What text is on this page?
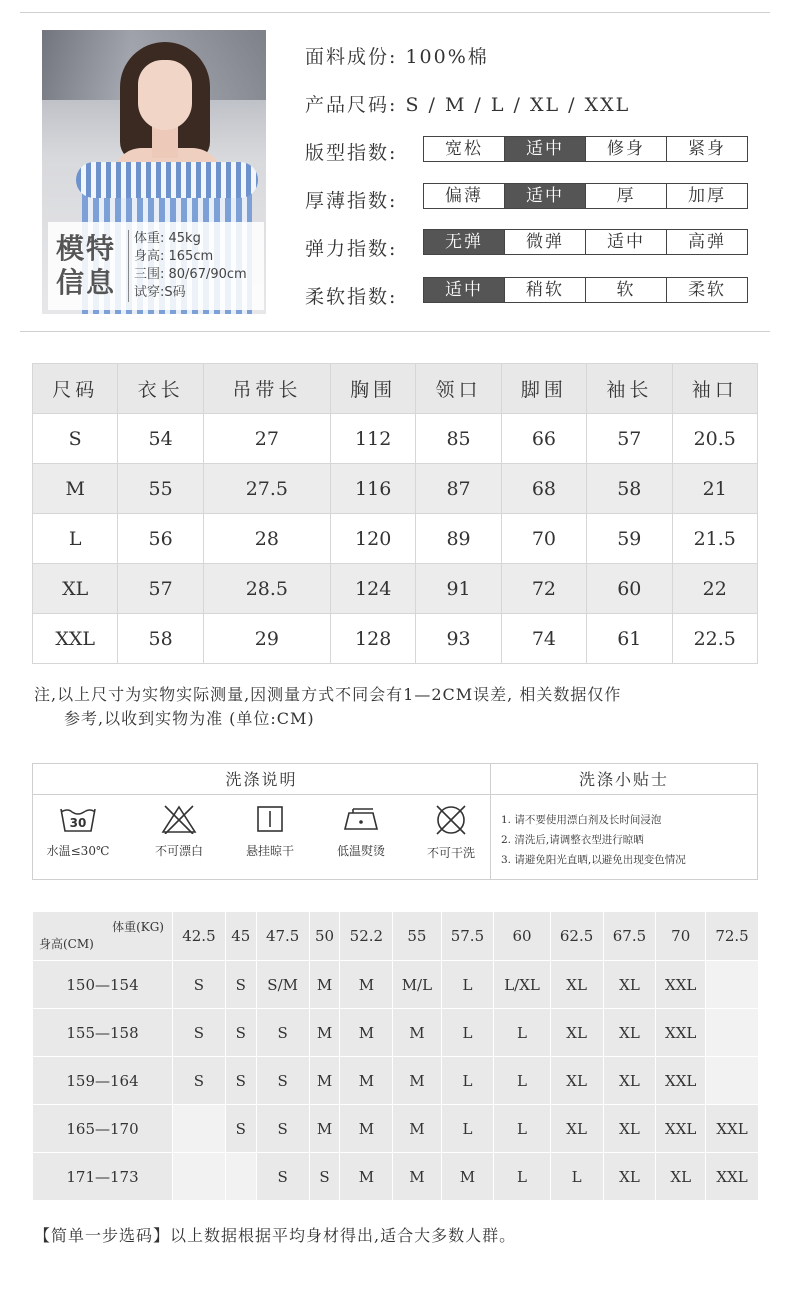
模特
信息
体重: 45kg
身高: 165cm
三围: 80/67/90cm
试穿:S码
面料成份: 100%棉
产品尺码: S / M / L / XL / XXL
版型指数:	宽松	适中	修身	紧身
厚薄指数:	偏薄	适中	厚	加厚
弹力指数:	无弹	微弹	适中	高弹
柔软指数:	适中	稍软	软	柔软
尺码	衣长	吊带长	胸围	领口	脚围	袖长	袖口
S	54	27	112	85	66	57	20.5
M	55	27.5	116	87	68	58	21
L	56	28	120	89	70	59	21.5
XL	57	28.5	124	91	72	60	22
XXL	58	29	128	93	74	61	22.5
注,以上尺寸为实物实际测量,因测量方式不同会有1—2CM误差, 相关数据仅作
参考,以收到实物为准 (单位:CM)
洗涤说明	洗涤小贴士
30
水温≤30℃	不可漂白	悬挂晾干	低温熨烫	不可干洗
1. 请不要使用漂白剂及长时间浸泡
2. 清洗后,请调整衣型进行晾晒
3. 请避免阳光直晒,以避免出现变色情况
体重(KG)
身高(CM)	42.5	45	47.5	50	52.2	55	57.5	60	62.5	67.5	70	72.5
150—154	S	S	S/M	M	M	M/L	L	L/XL	XL	XL	XXL	
155—158	S	S	S	M	M	M	L	L	XL	XL	XXL	
159—164	S	S	S	M	M	M	L	L	XL	XL	XXL	
165—170		S	S	M	M	M	L	L	XL	XL	XXL	XXL
171—173			S	S	M	M	M	L	L	XL	XL	XXL
【简单一步选码】以上数据根据平均身材得出,适合大多数人群。
